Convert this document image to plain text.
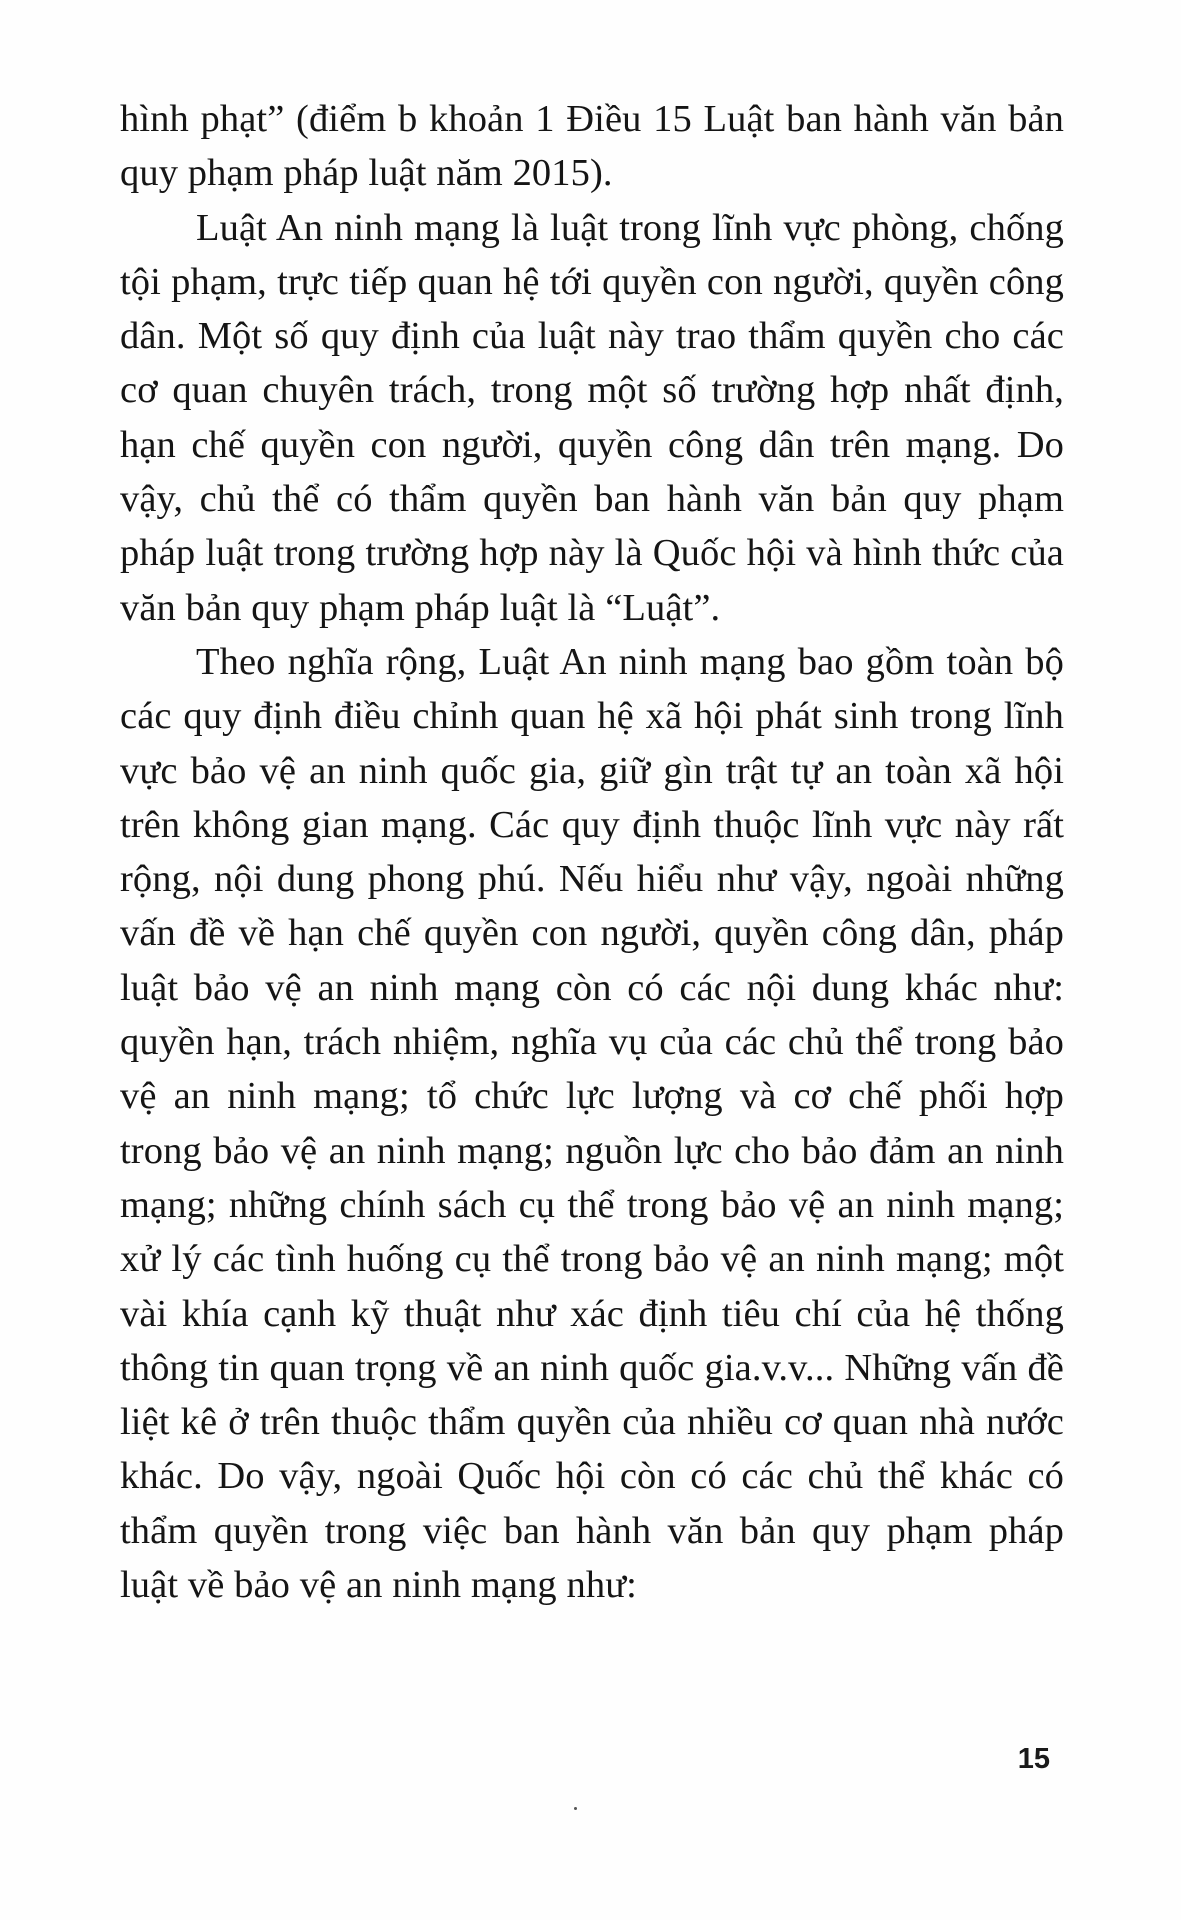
hình phạt” (điểm b khoản 1 Điều 15 Luật ban hành văn bản quy phạm pháp luật năm 2015).

Luật An ninh mạng là luật trong lĩnh vực phòng, chống tội phạm, trực tiếp quan hệ tới quyền con người, quyền công dân. Một số quy định của luật này trao thẩm quyền cho các cơ quan chuyên trách, trong một số trường hợp nhất định, hạn chế quyền con người, quyền công dân trên mạng. Do vậy, chủ thể có thẩm quyền ban hành văn bản quy phạm pháp luật trong trường hợp này là Quốc hội và hình thức của văn bản quy phạm pháp luật là “Luật”.

Theo nghĩa rộng, Luật An ninh mạng bao gồm toàn bộ các quy định điều chỉnh quan hệ xã hội phát sinh trong lĩnh vực bảo vệ an ninh quốc gia, giữ gìn trật tự an toàn xã hội trên không gian mạng. Các quy định thuộc lĩnh vực này rất rộng, nội dung phong phú. Nếu hiểu như vậy, ngoài những vấn đề về hạn chế quyền con người, quyền công dân, pháp luật bảo vệ an ninh mạng còn có các nội dung khác như: quyền hạn, trách nhiệm, nghĩa vụ của các chủ thể trong bảo vệ an ninh mạng; tổ chức lực lượng và cơ chế phối hợp trong bảo vệ an ninh mạng; nguồn lực cho bảo đảm an ninh mạng; những chính sách cụ thể trong bảo vệ an ninh mạng; xử lý các tình huống cụ thể trong bảo vệ an ninh mạng; một vài khía cạnh kỹ thuật như xác định tiêu chí của hệ thống thông tin quan trọng về an ninh quốc gia.v.v... Những vấn đề liệt kê ở trên thuộc thẩm quyền của nhiều cơ quan nhà nước khác. Do vậy, ngoài Quốc hội còn có các chủ thể khác có thẩm quyền trong việc ban hành văn bản quy phạm pháp luật về bảo vệ an ninh mạng như:

15
